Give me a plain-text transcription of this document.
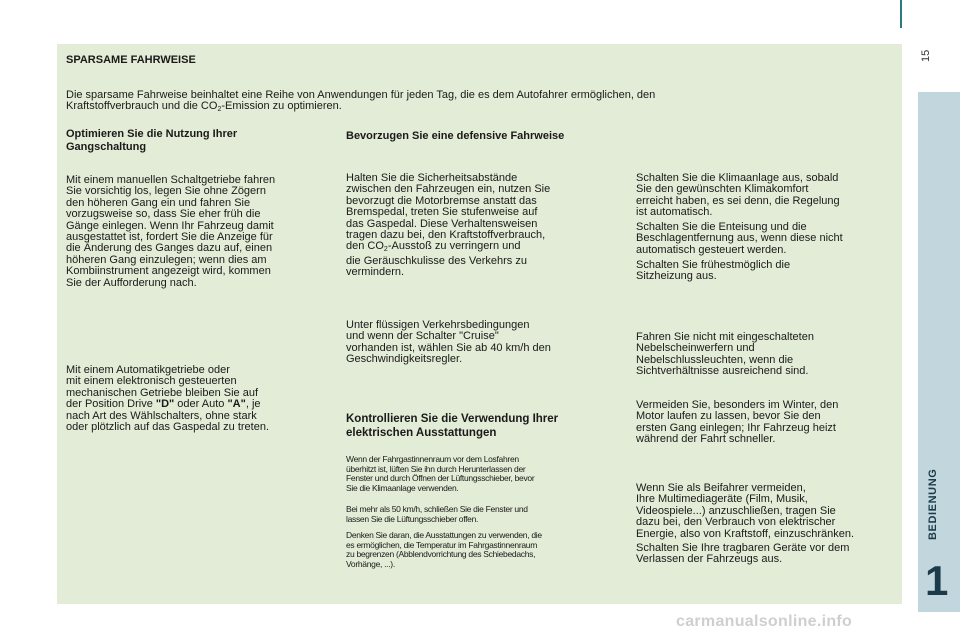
SPARSAME FAHRWEISE
Die sparsame Fahrweise beinhaltet eine Reihe von Anwendungen für jeden Tag, die es dem Autofahrer ermöglichen, den
Kraftstoffverbrauch und die $CO_2$-Emission zu optimieren.
Optimieren Sie die Nutzung Ihrer Gangschaltung
Mit einem manuellen Schaltgetriebe fahren
Sie vorsichtig los, legen Sie ohne Zögern
den höheren Gang ein und fahren Sie
vorzugsweise so, dass Sie eher früh die
Gänge einlegen. Wenn Ihr Fahrzeug damit
ausgestattet ist, fordert Sie die Anzeige für
die Änderung des Ganges dazu auf, einen
höheren Gang einzulegen; wenn dies am
Kombiinstrument angezeigt wird, kommen
Sie der Aufforderung nach.
Mit einem Automatikgetriebe oder
mit einem elektronisch gesteuerten
mechanischen Getriebe bleiben Sie auf
der Position Drive "D" oder Auto "A", je
nach Art des Wählschalters, ohne stark
oder plötzlich auf das Gaspedal zu treten.
Bevorzugen Sie eine defensive Fahrweise
Halten Sie die Sicherheitsabstände
zwischen den Fahrzeugen ein, nutzen Sie
bevorzugt die Motorbremse anstatt das
Bremspedal, treten Sie stufenweise auf
das Gaspedal. Diese Verhaltensweisen
tragen dazu bei, den Kraftstoffverbrauch,
den $CO_2$-Ausstoß zu verringern und
die Geräuschkulisse des Verkehrs zu
vermindern.
Unter flüssigen Verkehrsbedingungen
und wenn der Schalter "Cruise"
vorhanden ist, wählen Sie ab 40 km/h den
Geschwindigkeitsregler.
Kontrollieren Sie die Verwendung Ihrer elektrischen Ausstattungen
Wenn der Fahrgastinnenraum vor dem Losfahren
überhitzt ist, lüften Sie ihn durch Herunterlassen der
Fenster und durch Öffnen der Lüftungsschieber, bevor
Sie die Klimaanlage verwenden.
Bei mehr als 50 km/h, schließen Sie die Fenster und
lassen Sie die Lüftungsschieber offen.
Denken Sie daran, die Ausstattungen zu verwenden, die
es ermöglichen, die Temperatur im Fahrgastinnenraum
zu begrenzen (Abblendvorrichtung des Schiebedachs,
Vorhänge, ...).
Schalten Sie die Klimaanlage aus, sobald
Sie den gewünschten Klimakomfort
erreicht haben, es sei denn, die Regelung
ist automatisch.
Schalten Sie die Enteisung und die
Beschlagentfernung aus, wenn diese nicht
automatisch gesteuert werden.
Schalten Sie frühestmöglich die
Sitzheizung aus.
Fahren Sie nicht mit eingeschalteten
Nebelscheinwerfern und
Nebelschlussleuchten, wenn die
Sichtverhältnisse ausreichend sind.
Vermeiden Sie, besonders im Winter, den
Motor laufen zu lassen, bevor Sie den
ersten Gang einlegen; Ihr Fahrzeug heizt
während der Fahrt schneller.
Wenn Sie als Beifahrer vermeiden,
Ihre Multimediageräte (Film, Musik,
Videospiele...) anzuschließen, tragen Sie
dazu bei, den Verbrauch von elektrischer
Energie, also von Kraftstoff, einzuschränken.
Schalten Sie Ihre tragbaren Geräte vor dem
Verlassen der Fahrzeugs aus.
15
BEDIENUNG
1
carmanualsonline.info
